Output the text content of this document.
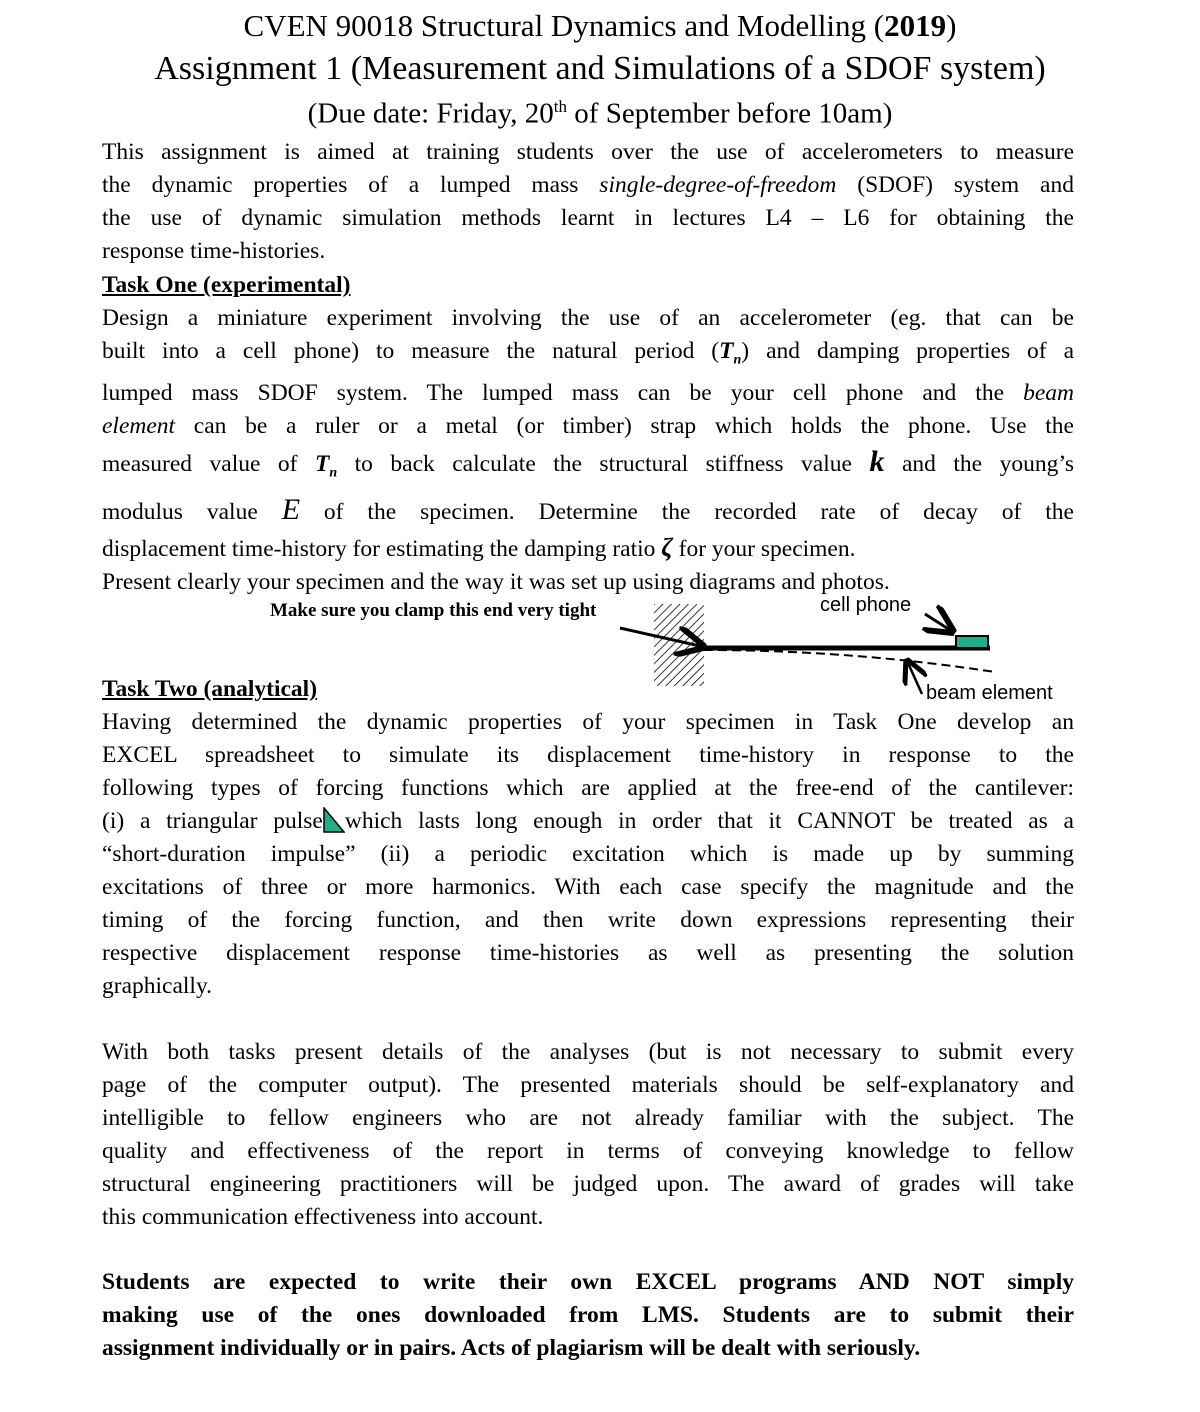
CVEN 90018 Structural Dynamics and Modelling (2019)
Assignment 1 (Measurement and Simulations of a SDOF system)
(Due date: Friday, 20th of September before 10am)
This assignment is aimed at training students over the use of accelerometers to measure
the dynamic properties of a lumped mass single-degree-of-freedom (SDOF) system and
the use of dynamic simulation methods learnt in lectures L4 – L6 for obtaining the
response time-histories.
Task One (experimental)
Design a miniature experiment involving the use of an accelerometer (eg. that can be
built into a cell phone) to measure the natural period $(T_n)$ and damping properties of a
lumped mass SDOF system. The lumped mass can be your cell phone and the beam
element can be a ruler or a metal (or timber) strap which holds the phone. Use the
measured value of $T_n$ to back calculate the structural stiffness value k and the young’s
modulus value E of the specimen. Determine the recorded rate of decay of the
displacement time-history for estimating the damping ratio ζ for your specimen.
Present clearly your specimen and the way it was set up using diagrams and photos.
Make sure you clamp this end very tight	cell phone
beam element
Task Two (analytical)
Having determined the dynamic properties of your specimen in Task One develop an
EXCEL spreadsheet to simulate its displacement time-history in response to the
following types of forcing functions which are applied at the free-end of the cantilever:
(i) a triangular pulse which lasts long enough in order that it CANNOT be treated as a
“short-duration impulse” (ii) a periodic excitation which is made up by summing
excitations of three or more harmonics. With each case specify the magnitude and the
timing of the forcing function, and then write down expressions representing their
respective displacement response time-histories as well as presenting the solution
graphically.
With both tasks present details of the analyses (but is not necessary to submit every
page of the computer output). The presented materials should be self-explanatory and
intelligible to fellow engineers who are not already familiar with the subject. The
quality and effectiveness of the report in terms of conveying knowledge to fellow
structural engineering practitioners will be judged upon. The award of grades will take
this communication effectiveness into account.
Students are expected to write their own EXCEL programs AND NOT simply
making use of the ones downloaded from LMS. Students are to submit their
assignment individually or in pairs. Acts of plagiarism will be dealt with seriously.
